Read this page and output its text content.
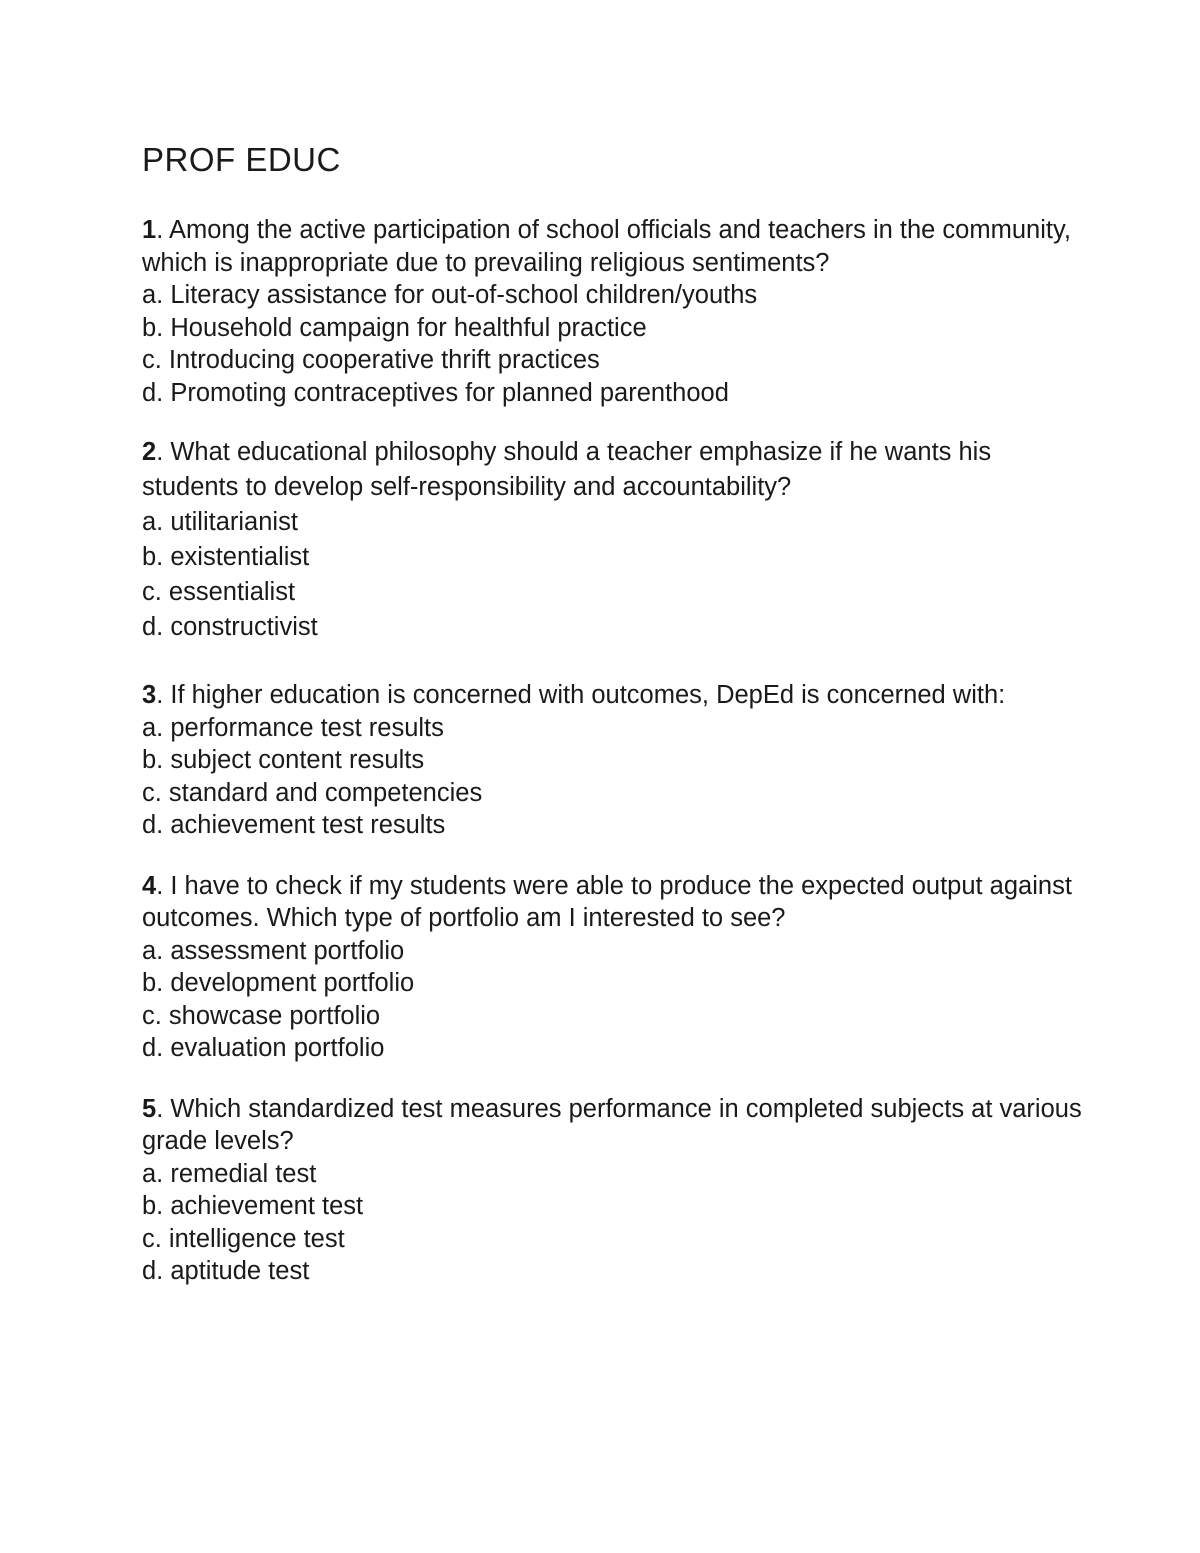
PROF EDUC

1. Among the active participation of school officials and teachers in the community, which is inappropriate due to prevailing religious sentiments?

a. Literacy assistance for out-of-school children/youths
b. Household campaign for healthful practice
c. Introducing cooperative thrift practices
d. Promoting contraceptives for planned parenthood

2. What educational philosophy should a teacher emphasize if he wants his students to develop self-responsibility and accountability?

a. utilitarianist
b. existentialist
c. essentialist
d. constructivist

3. If higher education is concerned with outcomes, DepEd is concerned with:

a. performance test results
b. subject content results
c. standard and competencies
d. achievement test results

4. I have to check if my students were able to produce the expected output against outcomes. Which type of portfolio am I interested to see?

a. assessment portfolio
b. development portfolio
c. showcase portfolio
d. evaluation portfolio

5. Which standardized test measures performance in completed subjects at various grade levels?

a. remedial test
b. achievement test
c. intelligence test
d. aptitude test
